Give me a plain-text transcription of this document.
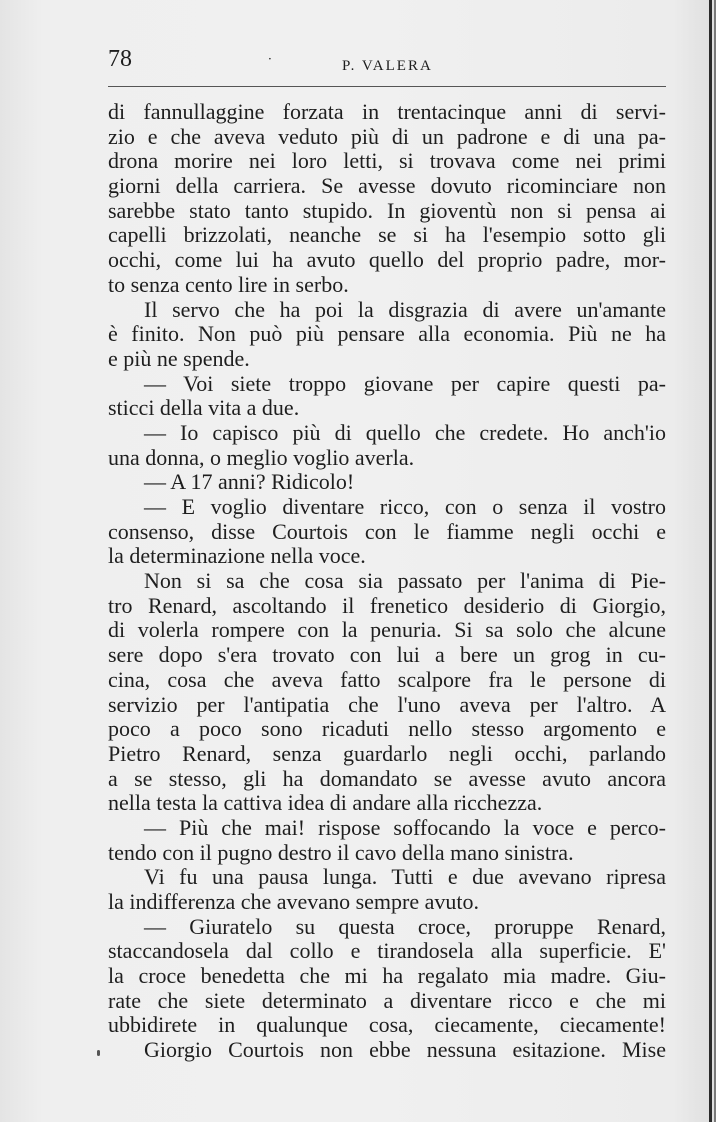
78	·	P. VALERA
di fannullaggine forzata in trentacinque anni di servi-
zio e che aveva veduto più di un padrone e di una pa-
drona morire nei loro letti, si trovava come nei primi
giorni della carriera. Se avesse dovuto ricominciare non
sarebbe stato tanto stupido. In gioventù non si pensa ai
capelli brizzolati, neanche se si ha l'esempio sotto gli
occhi, come lui ha avuto quello del proprio padre, mor-
to senza cento lire in serbo.
Il servo che ha poi la disgrazia di avere un'amante
è finito. Non può più pensare alla economia. Più ne ha
e più ne spende.
— Voi siete troppo giovane per capire questi pa-
sticci della vita a due.
— Io capisco più di quello che credete. Ho anch'io
una donna, o meglio voglio averla.
— A 17 anni? Ridicolo!
— E voglio diventare ricco, con o senza il vostro
consenso, disse Courtois con le fiamme negli occhi e
la determinazione nella voce.
Non si sa che cosa sia passato per l'anima di Pie-
tro Renard, ascoltando il frenetico desiderio di Giorgio,
di volerla rompere con la penuria. Si sa solo che alcune
sere dopo s'era trovato con lui a bere un grog in cu-
cina, cosa che aveva fatto scalpore fra le persone di
servizio per l'antipatia che l'uno aveva per l'altro. A
poco a poco sono ricaduti nello stesso argomento e
Pietro Renard, senza guardarlo negli occhi, parlando
a se stesso, gli ha domandato se avesse avuto ancora
nella testa la cattiva idea di andare alla ricchezza.
— Più che mai! rispose soffocando la voce e perco-
tendo con il pugno destro il cavo della mano sinistra.
Vi fu una pausa lunga. Tutti e due avevano ripresa
la indifferenza che avevano sempre avuto.
— Giuratelo su questa croce, proruppe Renard,
staccandosela dal collo e tirandosela alla superficie. E'
la croce benedetta che mi ha regalato mia madre. Giu-
rate che siete determinato a diventare ricco e che mi
ubbidirete in qualunque cosa, ciecamente, ciecamente!
Giorgio Courtois non ebbe nessuna esitazione. Mise
